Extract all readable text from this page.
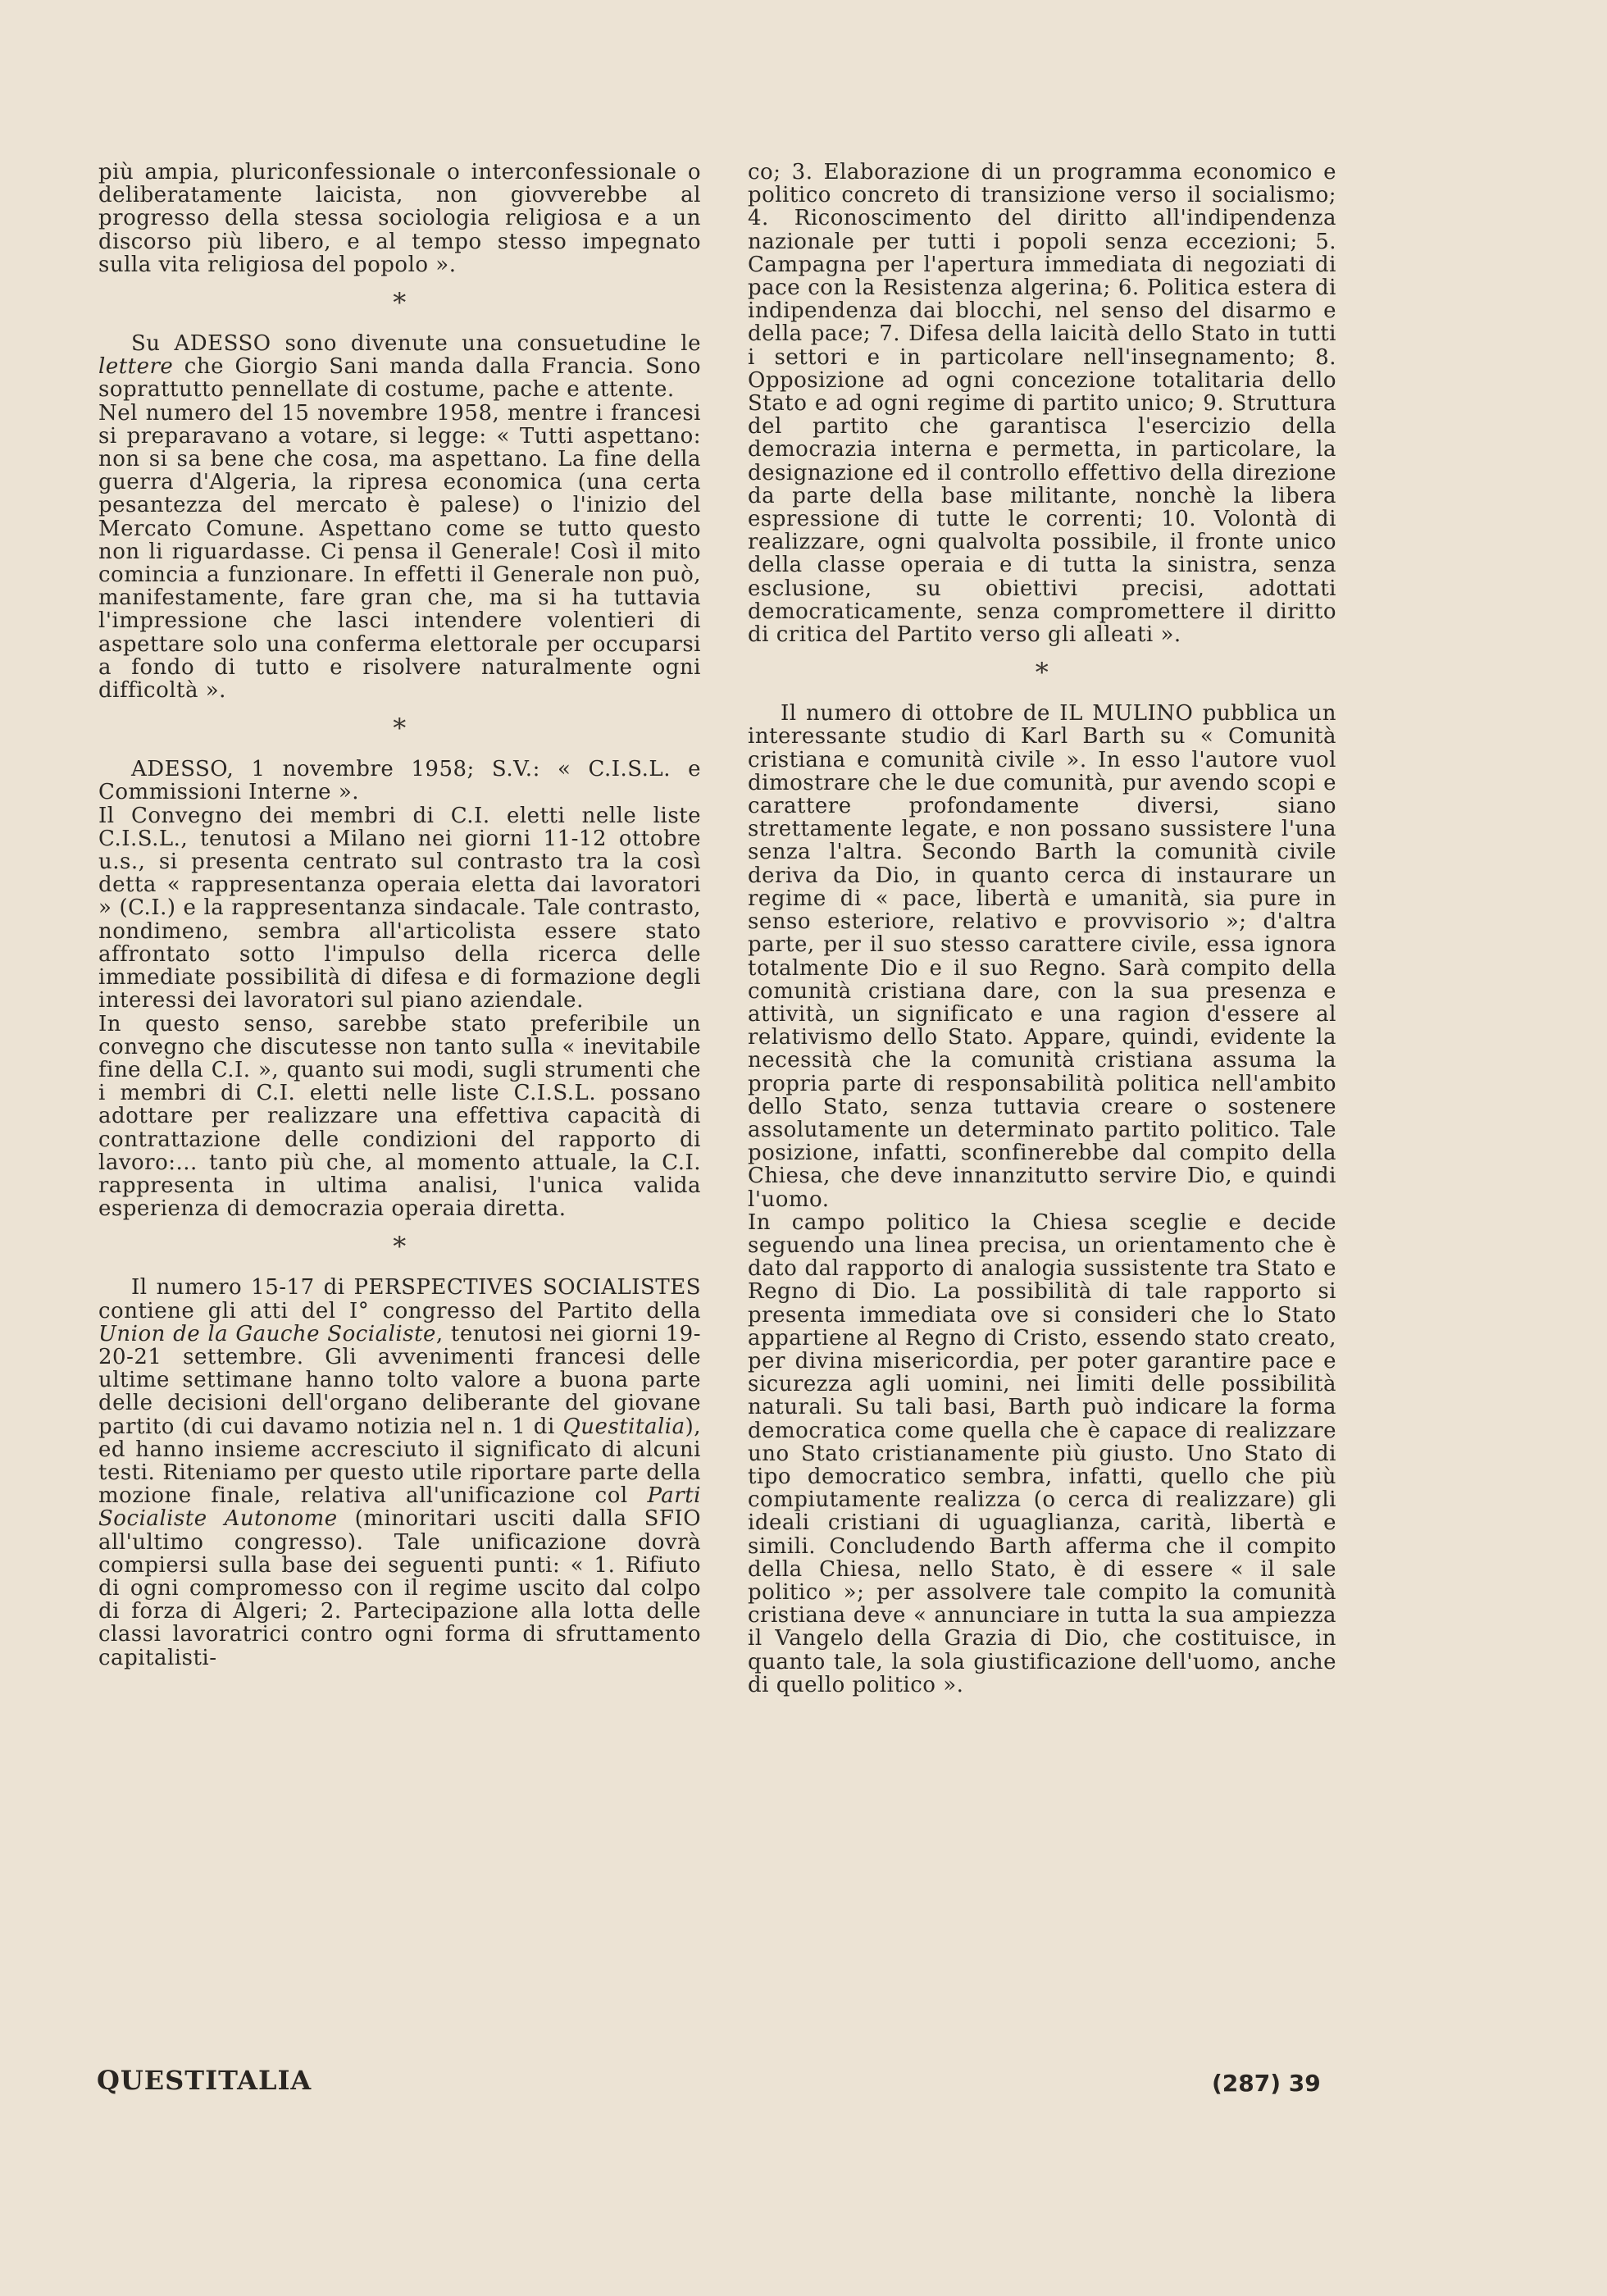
più ampia, pluriconfessionale o interconfessionale o deliberatamente laicista, non giovverebbe al progresso della stessa sociologia religiosa e a un discorso più libero, e al tempo stesso impegnato sulla vita religiosa del popolo ».

*

Su ADESSO sono divenute una consuetudine le lettere che Giorgio Sani manda dalla Francia. Sono soprattutto pennellate di costume, pache e attente.

Nel numero del 15 novembre 1958, mentre i francesi si preparavano a votare, si legge: « Tutti aspettano: non si sa bene che cosa, ma aspettano. La fine della guerra d'Algeria, la ripresa economica (una certa pesantezza del mercato è palese) o l'inizio del Mercato Comune. Aspettano come se tutto questo non li riguardasse. Ci pensa il Generale! Così il mito comincia a funzionare. In effetti il Generale non può, manifestamente, fare gran che, ma si ha tuttavia l'impressione che lasci intendere volentieri di aspettare solo una conferma elettorale per occuparsi a fondo di tutto e risolvere naturalmente ogni difficoltà ».

*

ADESSO, 1 novembre 1958; S.V.: « C.I.S.L. e Commissioni Interne ».

Il Convegno dei membri di C.I. eletti nelle liste C.I.S.L., tenutosi a Milano nei giorni 11-12 ottobre u.s., si presenta centrato sul contrasto tra la così detta « rappresentanza operaia eletta dai lavoratori » (C.I.) e la rappresentanza sindacale. Tale contrasto, nondimeno, sembra all'articolista essere stato affrontato sotto l'impulso della ricerca delle immediate possibilità di difesa e di formazione degli interessi dei lavoratori sul piano aziendale.

In questo senso, sarebbe stato preferibile un convegno che discutesse non tanto sulla « inevitabile fine della C.I. », quanto sui modi, sugli strumenti che i membri di C.I. eletti nelle liste C.I.S.L. possano adottare per realizzare una effettiva capacità di contrattazione delle condizioni del rapporto di lavoro:... tanto più che, al momento attuale, la C.I. rappresenta in ultima analisi, l'unica valida esperienza di democrazia operaia diretta.

*

Il numero 15-17 di PERSPECTIVES SOCIALISTES contiene gli atti del I° congresso del Partito della Union de la Gauche Socialiste, tenutosi nei giorni 19-20-21 settembre. Gli avvenimenti francesi delle ultime settimane hanno tolto valore a buona parte delle decisioni dell'organo deliberante del giovane partito (di cui davamo notizia nel n. 1 di Questitalia), ed hanno insieme accresciuto il significato di alcuni testi. Riteniamo per questo utile riportare parte della mozione finale, relativa all'unificazione col Parti Socialiste Autonome (minoritari usciti dalla SFIO all'ultimo congresso). Tale unificazione dovrà compiersi sulla base dei seguenti punti: « 1. Rifiuto di ogni compromesso con il regime uscito dal colpo di forza di Algeri; 2. Partecipazione alla lotta delle classi lavoratrici contro ogni forma di sfruttamento capitalisti-

co; 3. Elaborazione di un programma economico e politico concreto di transizione verso il socialismo; 4. Riconoscimento del diritto all'indipendenza nazionale per tutti i popoli senza eccezioni; 5. Campagna per l'apertura immediata di negoziati di pace con la Resistenza algerina; 6. Politica estera di indipendenza dai blocchi, nel senso del disarmo e della pace; 7. Difesa della laicità dello Stato in tutti i settori e in particolare nell'insegnamento; 8. Opposizione ad ogni concezione totalitaria dello Stato e ad ogni regime di partito unico; 9. Struttura del partito che garantisca l'esercizio della democrazia interna e permetta, in particolare, la designazione ed il controllo effettivo della direzione da parte della base militante, nonchè la libera espressione di tutte le correnti; 10. Volontà di realizzare, ogni qualvolta possibile, il fronte unico della classe operaia e di tutta la sinistra, senza esclusione, su obiettivi precisi, adottati democraticamente, senza compromettere il diritto di critica del Partito verso gli alleati ».

*

Il numero di ottobre de IL MULINO pubblica un interessante studio di Karl Barth su « Comunità cristiana e comunità civile ». In esso l'autore vuol dimostrare che le due comunità, pur avendo scopi e carattere profondamente diversi, siano strettamente legate, e non possano sussistere l'una senza l'altra. Secondo Barth la comunità civile deriva da Dio, in quanto cerca di instaurare un regime di « pace, libertà e umanità, sia pure in senso esteriore, relativo e provvisorio »; d'altra parte, per il suo stesso carattere civile, essa ignora totalmente Dio e il suo Regno. Sarà compito della comunità cristiana dare, con la sua presenza e attività, un significato e una ragion d'essere al relativismo dello Stato. Appare, quindi, evidente la necessità che la comunità cristiana assuma la propria parte di responsabilità politica nell'ambito dello Stato, senza tuttavia creare o sostenere assolutamente un determinato partito politico. Tale posizione, infatti, sconfinerebbe dal compito della Chiesa, che deve innanzitutto servire Dio, e quindi l'uomo.

In campo politico la Chiesa sceglie e decide seguendo una linea precisa, un orientamento che è dato dal rapporto di analogia sussistente tra Stato e Regno di Dio. La possibilità di tale rapporto si presenta immediata ove si consideri che lo Stato appartiene al Regno di Cristo, essendo stato creato, per divina misericordia, per poter garantire pace e sicurezza agli uomini, nei limiti delle possibilità naturali. Su tali basi, Barth può indicare la forma democratica come quella che è capace di realizzare uno Stato cristianamente più giusto. Uno Stato di tipo democratico sembra, infatti, quello che più compiutamente realizza (o cerca di realizzare) gli ideali cristiani di uguaglianza, carità, libertà e simili. Concludendo Barth afferma che il compito della Chiesa, nello Stato, è di essere « il sale politico »; per assolvere tale compito la comunità cristiana deve « annunciare in tutta la sua ampiezza il Vangelo della Grazia di Dio, che costituisce, in quanto tale, la sola giustificazione dell'uomo, anche di quello politico ».

QUESTITALIA	(287) 39
